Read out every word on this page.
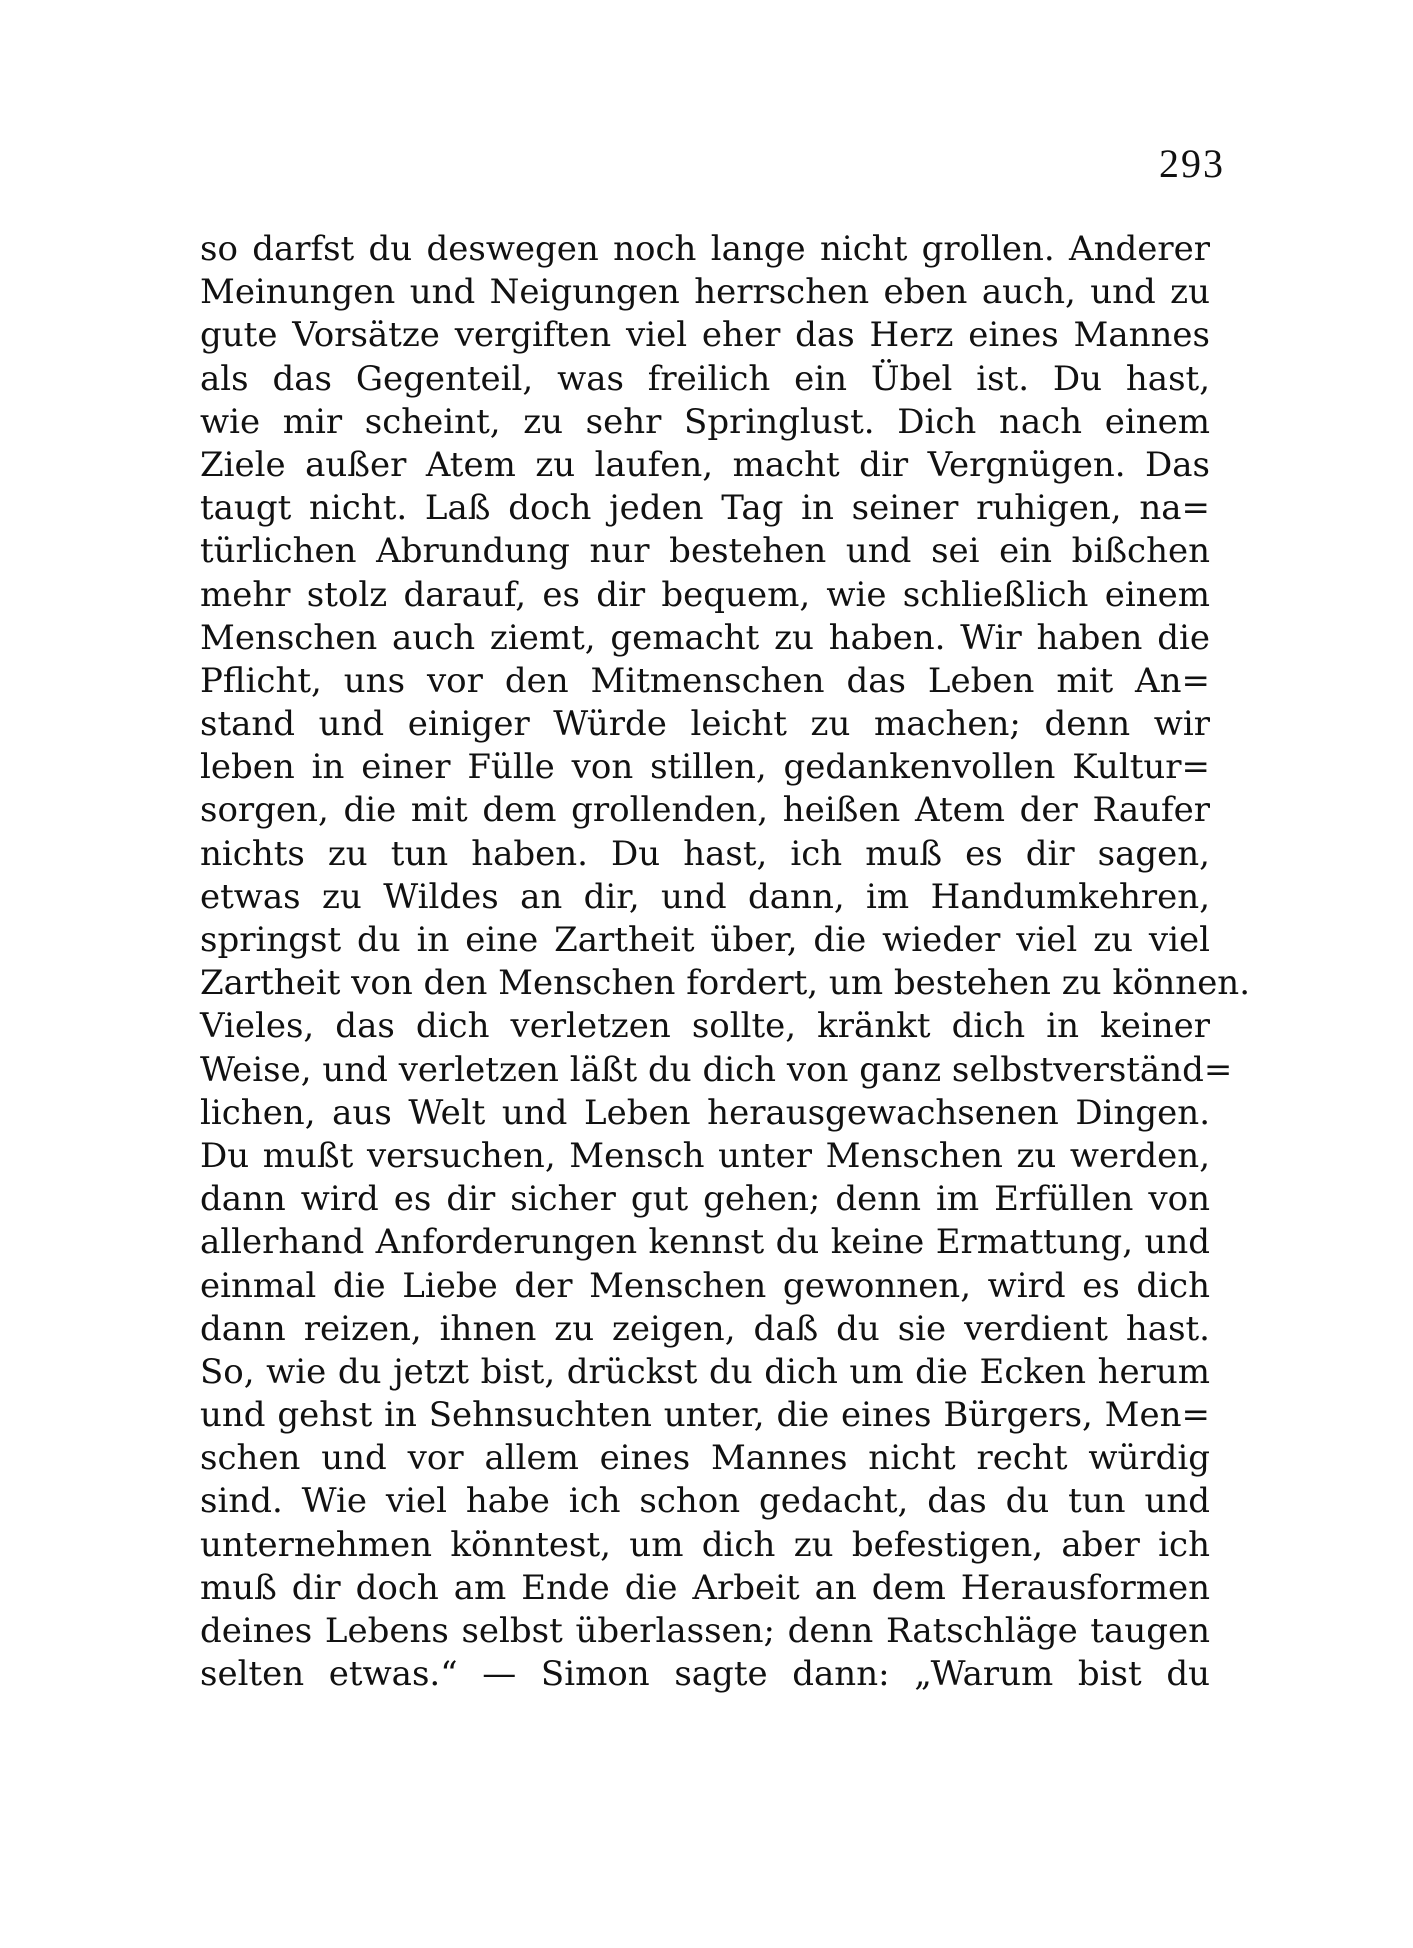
293
so darfst du deswegen noch lange nicht grollen. Anderer
Meinungen und Neigungen herrschen eben auch, und zu
gute Vorsätze vergiften viel eher das Herz eines Mannes
als das Gegenteil, was freilich ein Übel ist. Du hast,
wie mir scheint, zu sehr Springlust. Dich nach einem
Ziele außer Atem zu laufen, macht dir Vergnügen. Das
taugt nicht. Laß doch jeden Tag in seiner ruhigen, na=
türlichen Abrundung nur bestehen und sei ein bißchen
mehr stolz darauf, es dir bequem, wie schließlich einem
Menschen auch ziemt, gemacht zu haben. Wir haben die
Pflicht, uns vor den Mitmenschen das Leben mit An=
stand und einiger Würde leicht zu machen; denn wir
leben in einer Fülle von stillen, gedankenvollen Kultur=
sorgen, die mit dem grollenden, heißen Atem der Raufer
nichts zu tun haben. Du hast, ich muß es dir sagen,
etwas zu Wildes an dir, und dann, im Handumkehren,
springst du in eine Zartheit über, die wieder viel zu viel
Zartheit von den Menschen fordert, um bestehen zu können.
Vieles, das dich verletzen sollte, kränkt dich in keiner
Weise, und verletzen läßt du dich von ganz selbstverständ=
lichen, aus Welt und Leben herausgewachsenen Dingen.
Du mußt versuchen, Mensch unter Menschen zu werden,
dann wird es dir sicher gut gehen; denn im Erfüllen von
allerhand Anforderungen kennst du keine Ermattung, und
einmal die Liebe der Menschen gewonnen, wird es dich
dann reizen, ihnen zu zeigen, daß du sie verdient hast.
So, wie du jetzt bist, drückst du dich um die Ecken herum
und gehst in Sehnsuchten unter, die eines Bürgers, Men=
schen und vor allem eines Mannes nicht recht würdig
sind. Wie viel habe ich schon gedacht, das du tun und
unternehmen könntest, um dich zu befestigen, aber ich
muß dir doch am Ende die Arbeit an dem Herausformen
deines Lebens selbst überlassen; denn Ratschläge taugen
selten etwas.“ — Simon sagte dann: „Warum bist du
